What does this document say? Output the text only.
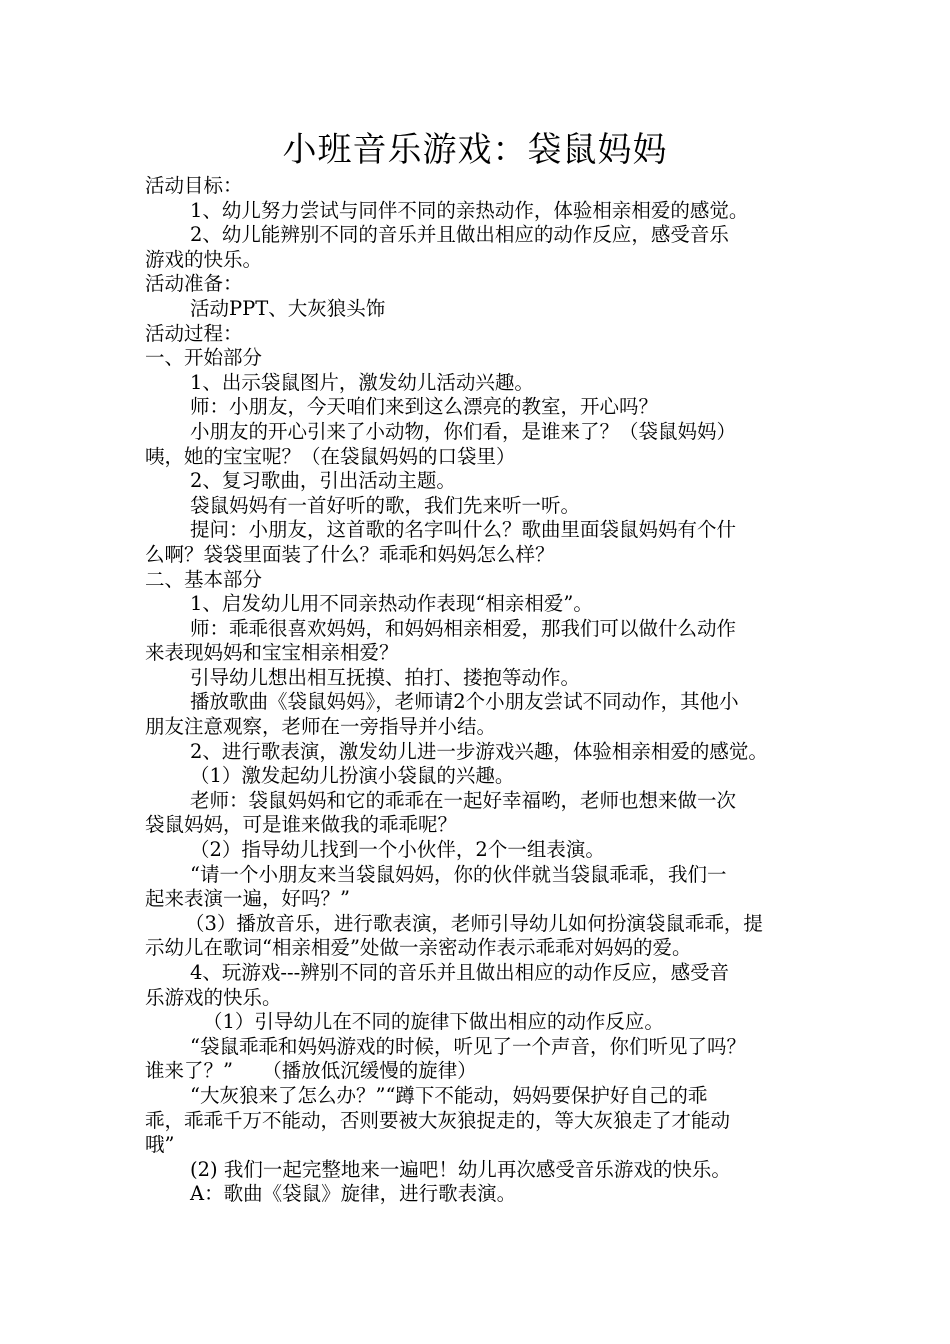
小班音乐游戏：袋鼠妈妈

活动目标：

1、幼儿努力尝试与同伴不同的亲热动作，体验相亲相爱的感觉。

2、幼儿能辨别不同的音乐并且做出相应的动作反应，感受音乐

游戏的快乐。

活动准备：

活动PPT、大灰狼头饰

活动过程：

一、开始部分

1、出示袋鼠图片，激发幼儿活动兴趣。

师：小朋友，今天咱们来到这么漂亮的教室，开心吗？

小朋友的开心引来了小动物，你们看，是谁来了？（袋鼠妈妈）

咦，她的宝宝呢？（在袋鼠妈妈的口袋里）

2、复习歌曲，引出活动主题。

袋鼠妈妈有一首好听的歌，我们先来听一听。

提问：小朋友，这首歌的名字叫什么？歌曲里面袋鼠妈妈有个什

么啊？袋袋里面装了什么？乖乖和妈妈怎么样？

二、基本部分

1、启发幼儿用不同亲热动作表现“相亲相爱”。

师：乖乖很喜欢妈妈，和妈妈相亲相爱，那我们可以做什么动作

来表现妈妈和宝宝相亲相爱？

引导幼儿想出相互抚摸、拍打、搂抱等动作。

播放歌曲《袋鼠妈妈》，老师请2个小朋友尝试不同动作，其他小

朋友注意观察，老师在一旁指导并小结。

2、进行歌表演，激发幼儿进一步游戏兴趣，体验相亲相爱的感觉。

（1）激发起幼儿扮演小袋鼠的兴趣。

老师：袋鼠妈妈和它的乖乖在一起好幸福哟，老师也想来做一次

袋鼠妈妈，可是谁来做我的乖乖呢？

（2）指导幼儿找到一个小伙伴，2个一组表演。

“请一个小朋友来当袋鼠妈妈，你的伙伴就当袋鼠乖乖，我们一

起来表演一遍，好吗？”

（3）播放音乐，进行歌表演，老师引导幼儿如何扮演袋鼠乖乖，提

示幼儿在歌词“相亲相爱”处做一亲密动作表示乖乖对妈妈的爱。

4、玩游戏---辨别不同的音乐并且做出相应的动作反应，感受音

乐游戏的快乐。

（1）引导幼儿在不同的旋律下做出相应的动作反应。

“袋鼠乖乖和妈妈游戏的时候，听见了一个声音，你们听见了吗？

谁来了？”　　（播放低沉缓慢的旋律）

“大灰狼来了怎么办？”“蹲下不能动，妈妈要保护好自己的乖

乖，乖乖千万不能动，否则要被大灰狼捉走的，等大灰狼走了才能动

哦”

(2) 我们一起完整地来一遍吧！幼儿再次感受音乐游戏的快乐。

A：歌曲《袋鼠》旋律，进行歌表演。
